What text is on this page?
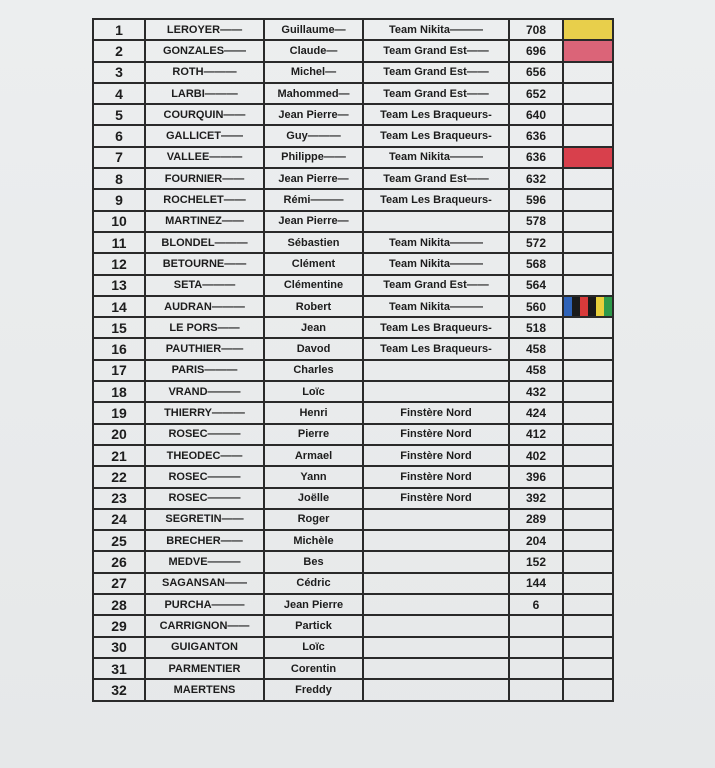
1	LEROYER——	Guillaume—	Team Nikita———	708	

2	GONZALES——	Claude—	Team Grand Est——	696	

3	ROTH———	Michel—	Team Grand Est——	656	
4	LARBI———	Mahommed—	Team Grand Est——	652	
5	COURQUIN——	Jean Pierre—	Team Les Braqueurs-	640	
6	GALLICET——	Guy———	Team Les Braqueurs-	636	
7	VALLEE———	Philippe——	Team Nikita———	636	

8	FOURNIER——	Jean Pierre—	Team Grand Est——	632	
9	ROCHELET——	Rémi———	Team Les Braqueurs-	596	
10	MARTINEZ——	Jean Pierre—		578	
11	BLONDEL———	Sébastien	Team Nikita———	572	
12	BETOURNE——	Clément	Team Nikita———	568	
13	SETA———	Clémentine	Team Grand Est——	564	
14	AUDRAN———	Robert	Team Nikita———	560	

15	LE PORS——	Jean	Team Les Braqueurs-	518	
16	PAUTHIER——	Davod	Team Les Braqueurs-	458	
17	PARIS———	Charles		458	
18	VRAND———	Loïc		432	
19	THIERRY———	Henri	Finstère Nord	424	
20	ROSEC———	Pierre	Finstère Nord	412	
21	THEODEC——	Armael	Finstère Nord	402	
22	ROSEC———	Yann	Finstère Nord	396	
23	ROSEC———	Joëlle	Finstère Nord	392	
24	SEGRETIN——	Roger		289	
25	BRECHER——	Michèle		204	
26	MEDVE———	Bes		152	
27	SAGANSAN——	Cédric		144	
28	PURCHA———	Jean Pierre		6	
29	CARRIGNON——	Partick			
30	GUIGANTON	Loïc			
31	PARMENTIER	Corentin			
32	MAERTENS	Freddy			
